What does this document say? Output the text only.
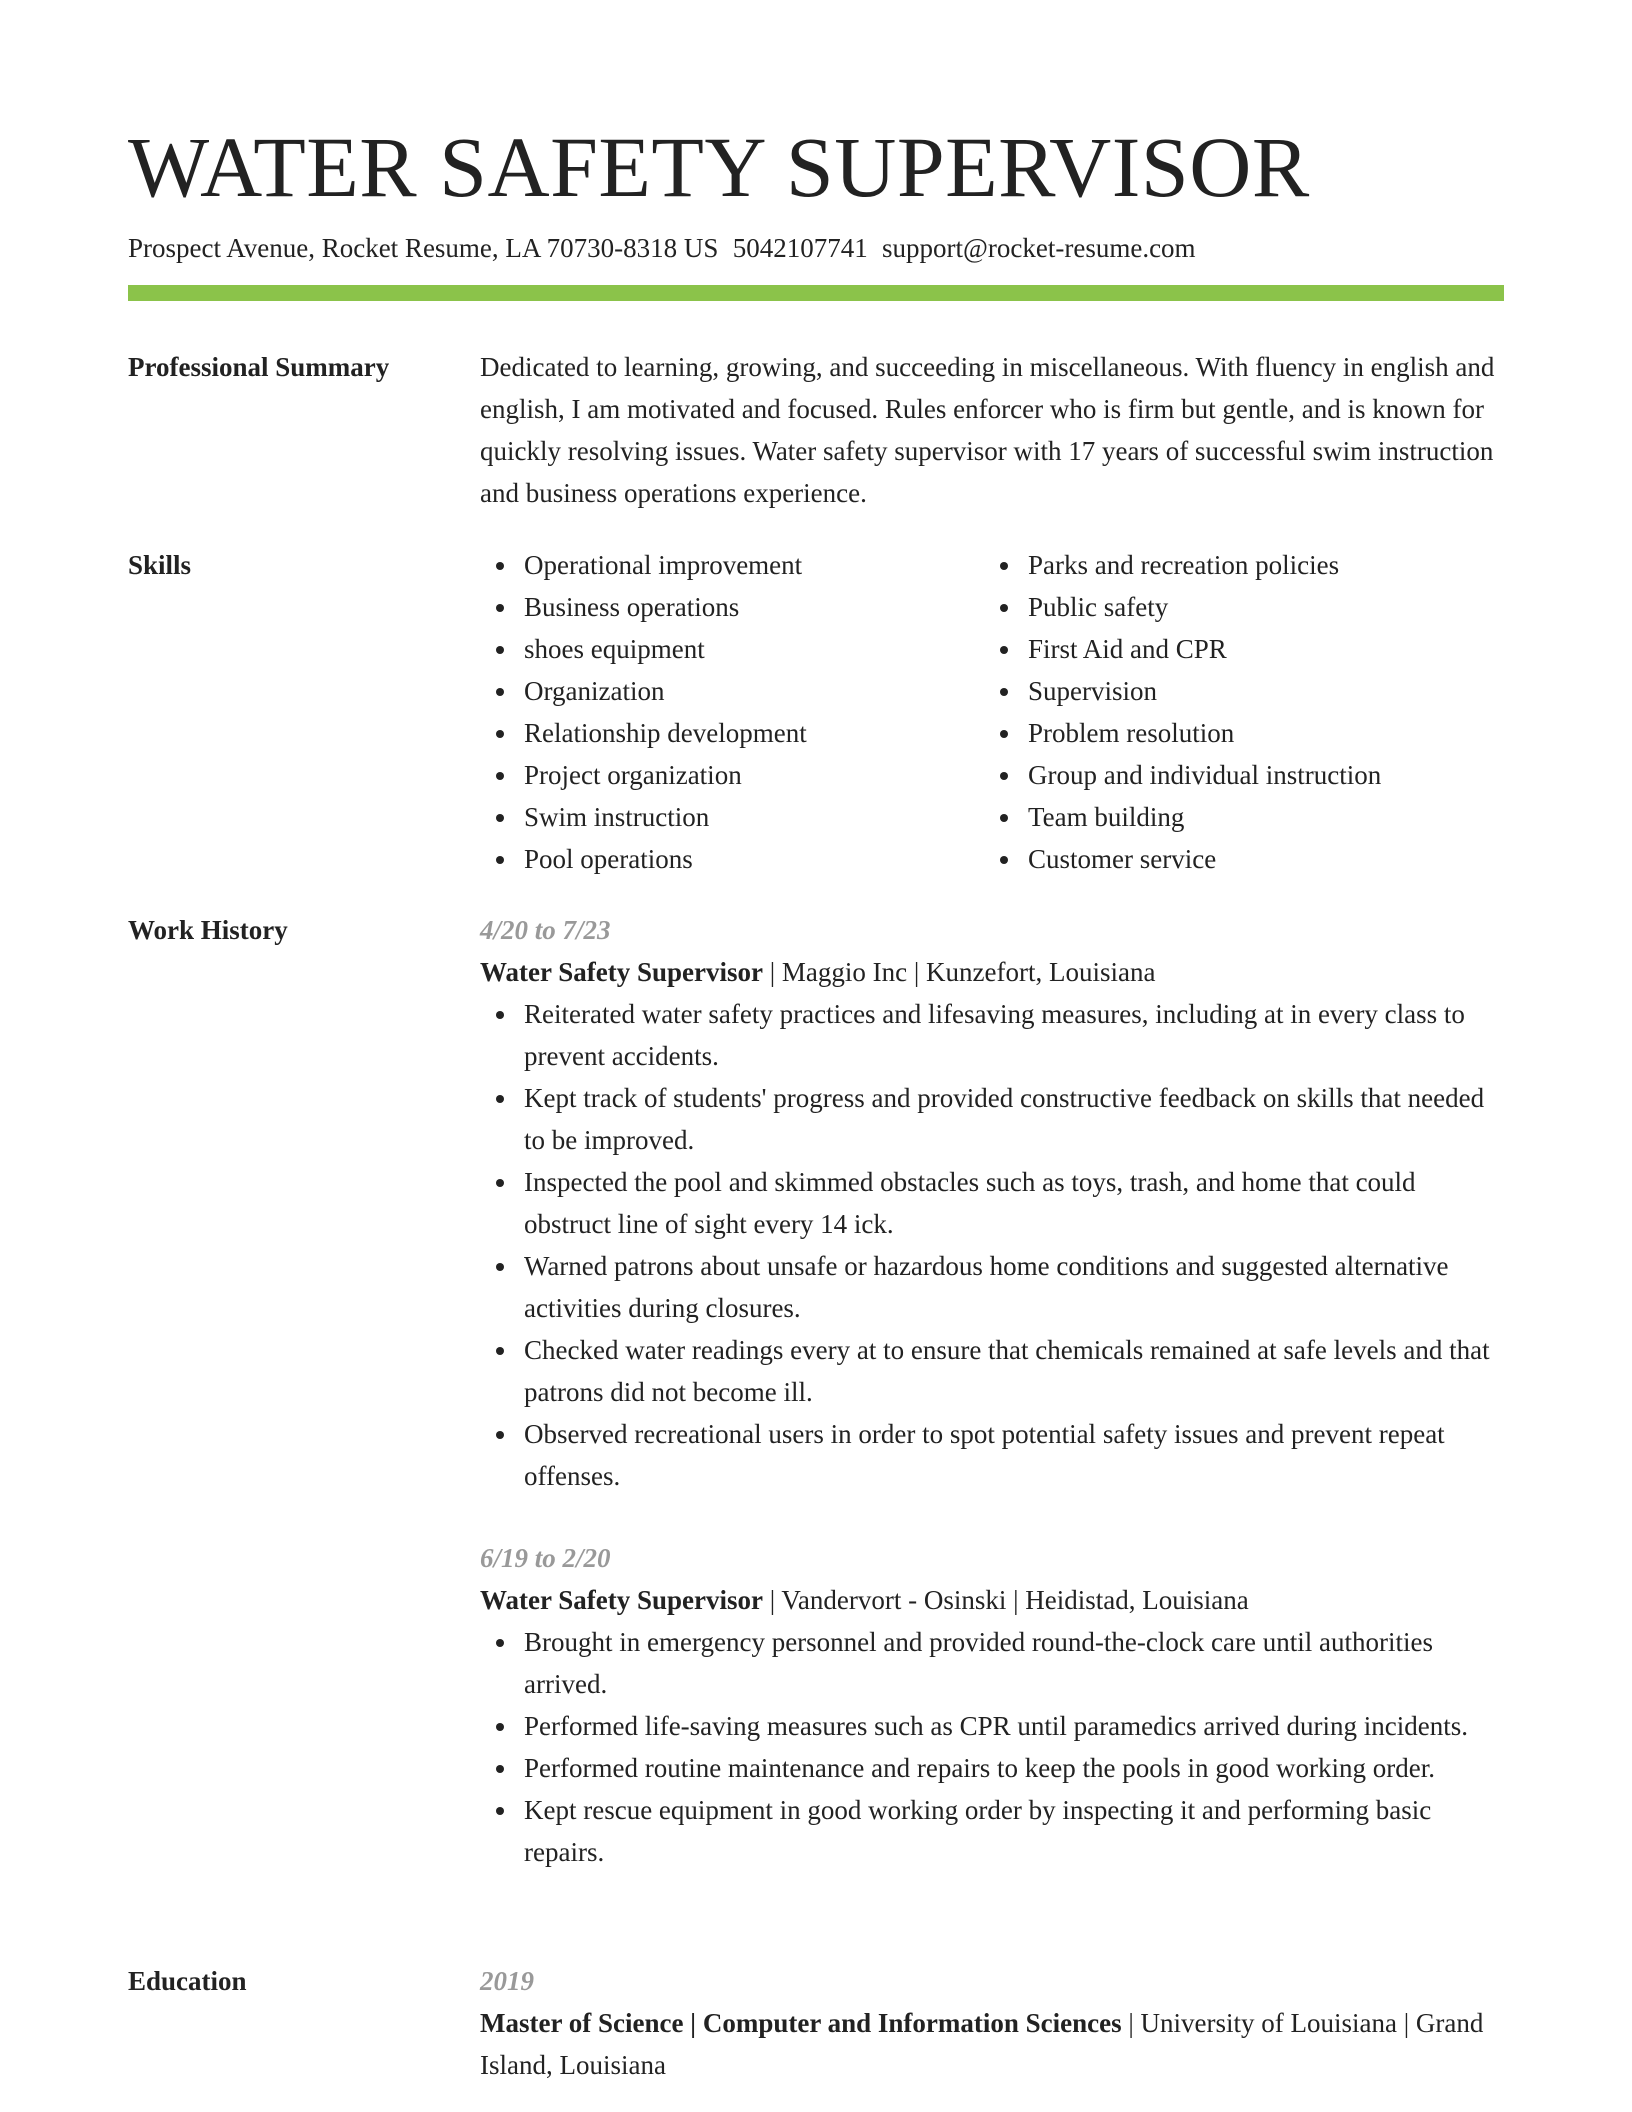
WATER SAFETY SUPERVISOR
Prospect Avenue, Rocket Resume, LA 70730-8318 US 5042107741 support@rocket-resume.com
Professional Summary	Dedicated to learning, growing, and succeeding in miscellaneous. With fluency in english and english, I am motivated and focused. Rules enforcer who is firm but gentle, and is known for quickly resolving issues. Water safety supervisor with 17 years of successful swim instruction and business operations experience.

Skills	Operational improvement
Business operations
shoes equipment
Organization
Relationship development
Project organization
Swim instruction
Pool operations
Parks and recreation policies
Public safety
First Aid and CPR
Supervision
Problem resolution
Group and individual instruction
Team building
Customer service
Work History	4/20 to 7/23
Water Safety Supervisor | Maggio Inc | Kunzefort, Louisiana
Reiterated water safety practices and lifesaving measures, including at in every class to prevent accidents.
Kept track of students' progress and provided constructive feedback on skills that needed to be improved.
Inspected the pool and skimmed obstacles such as toys, trash, and home that could obstruct line of sight every 14 ick.
Warned patrons about unsafe or hazardous home conditions and suggested alternative activities during closures.
Checked water readings every at to ensure that chemicals remained at safe levels and that patrons did not become ill.
Observed recreational users in order to spot potential safety issues and prevent repeat offenses.
6/19 to 2/20
Water Safety Supervisor | Vandervort - Osinski | Heidistad, Louisiana
Brought in emergency personnel and provided round-the-clock care until authorities arrived.
Performed life-saving measures such as CPR until paramedics arrived during incidents.
Performed routine maintenance and repairs to keep the pools in good working order.
Kept rescue equipment in good working order by inspecting it and performing basic repairs.
Education	2019
Master of Science | Computer and Information Sciences | University of Louisiana | Grand Island, Louisiana
